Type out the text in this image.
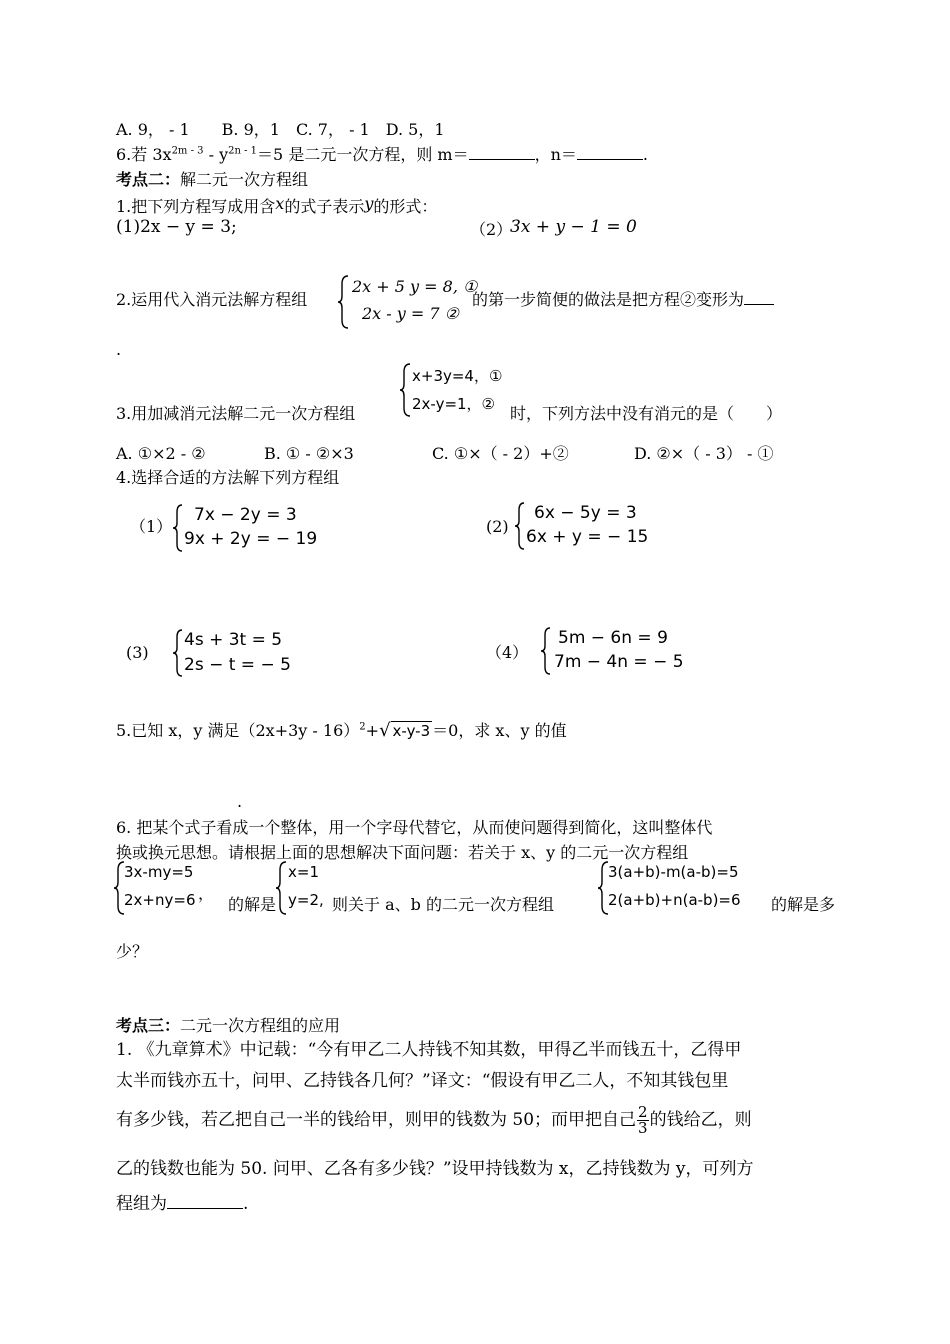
A. 9， - 1　　B. 9，1　C. 7， - 1　D. 5，1
6.若 $3x^{2m - 3} - y^{2n - 1}=5$ 是二元一次方程，则 m＝	，n＝	.
考点二：解二元一次方程组
1.把下列方程写成用含x的式子表示y的形式：
(1)2x − y = 3;	（2）
3x + y − 1 = 0
2.运用代入消元法解方程组
2x + 5 y = 8, ①
2x - y = 7 ②
的第一步简便的做法是把方程②变形为
.
3.用加减消元法解二元一次方程组
x+3y=4，①
2x-y=1，② 时，下列方法中没有消元的是（　　）
A. ①×2 - ②	B. ① - ②×3	C. ①×（ - 2）+②	D. ②×（ - 3） - ①
4.选择合适的方法解下列方程组
（1）
7x − 2y = 3
9x + 2y = − 19
(2)
6x − 5y = 3
6x + y = − 15
(3)
4s + 3t = 5
2s − t = − 5
（4）
5m − 6n = 9
7m − 4n = − 5
5.已知 x，y 满足$(2x+3y - 16)^2+√$ x-y-3 ＝0，求 x、y 的值
.
6. 把某个式子看成一个整体，用一个字母代替它，从而使问题得到简化，这叫整体代
换或换元思想。请根据上面的思想解决下面问题：若关于 x、y 的二元一次方程组
3x-my=5
2x+ny=6 ，
的解是
x=1
y=2, 则关于 a、b 的二元一次方程组
3(a+b)-m(a-b)=5
2(a+b)+n(a-b)=6 的解是多
少？
考点三：二元一次方程组的应用
1. 《九章算术》中记载：“今有甲乙二人持钱不知其数，甲得乙半而钱五十，乙得甲
太半而钱亦五十，问甲、乙持钱各几何？”译文：“假设有甲乙二人，不知其钱包里
有多少钱，若乙把自己一半的钱给甲，则甲的钱数为 50；而甲把自己 $\frac{2}{3}$ 的钱给乙，则
乙的钱数也能为 50. 问甲、乙各有多少钱？”设甲持钱数为 x，乙持钱数为 y，可列方
程组为	.
